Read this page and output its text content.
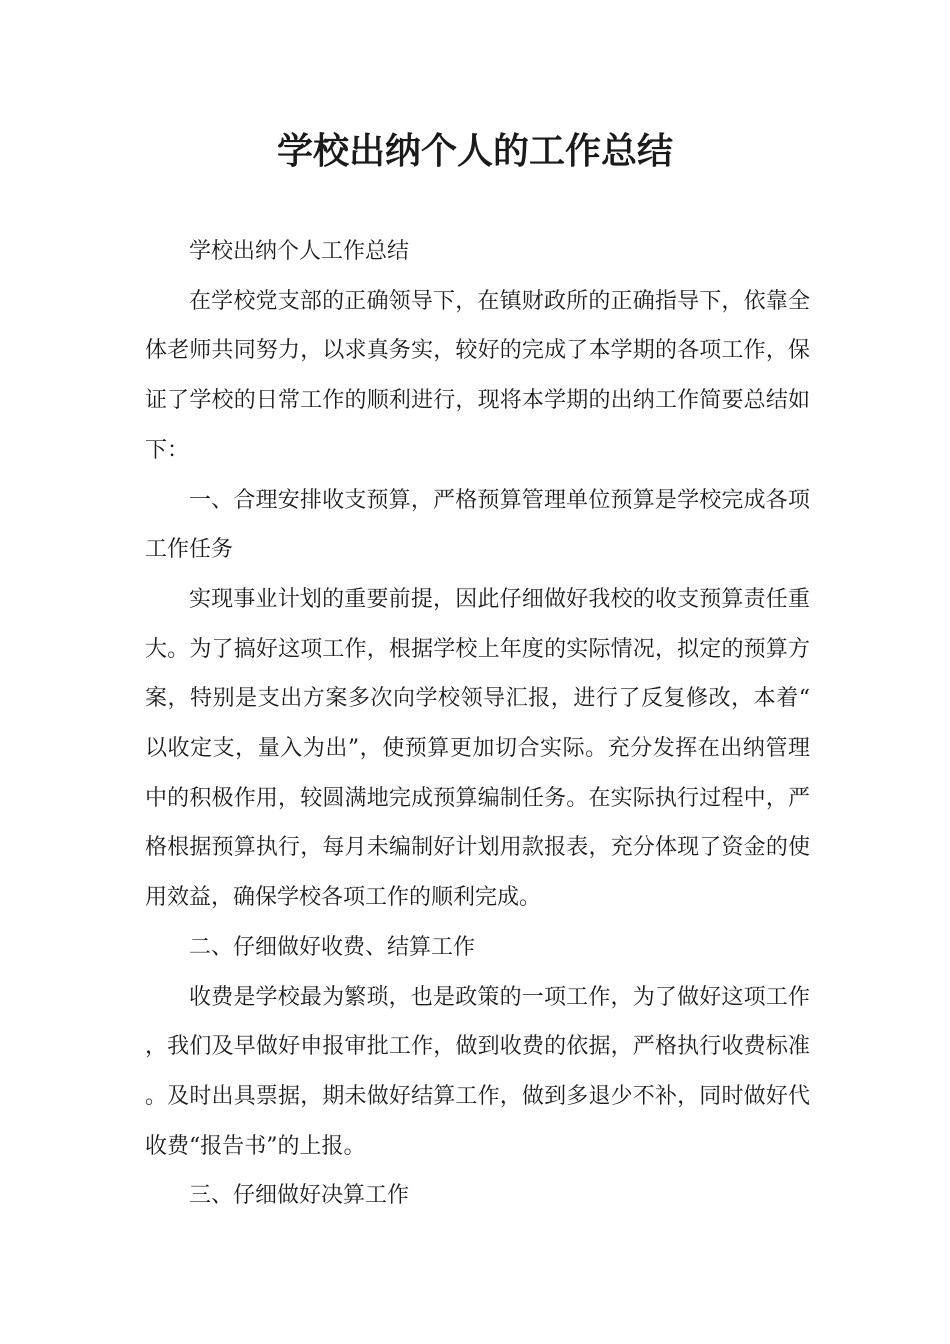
学校出纳个人的工作总结

学校出纳个人工作总结

在学校党支部的正确领导下，在镇财政所的正确指导下，依靠全体老师共同努力，以求真务实，较好的完成了本学期的各项工作，保证了学校的日常工作的顺利进行，现将本学期的出纳工作简要总结如下：

一、合理安排收支预算，严格预算管理单位预算是学校完成各项工作任务

实现事业计划的重要前提，因此仔细做好我校的收支预算责任重大。为了搞好这项工作，根据学校上年度的实际情况，拟定的预算方案，特别是支出方案多次向学校领导汇报，进行了反复修改，本着“以收定支，量入为出”，使预算更加切合实际。充分发挥在出纳管理中的积极作用，较圆满地完成预算编制任务。在实际执行过程中，严格根据预算执行，每月未编制好计划用款报表，充分体现了资金的使用效益，确保学校各项工作的顺利完成。

二、仔细做好收费、结算工作

收费是学校最为繁琐，也是政策的一项工作，为了做好这项工作，我们及早做好申报审批工作，做到收费的依据，严格执行收费标准。及时出具票据，期未做好结算工作，做到多退少不补，同时做好代收费“报告书”的上报。

三、仔细做好决算工作
